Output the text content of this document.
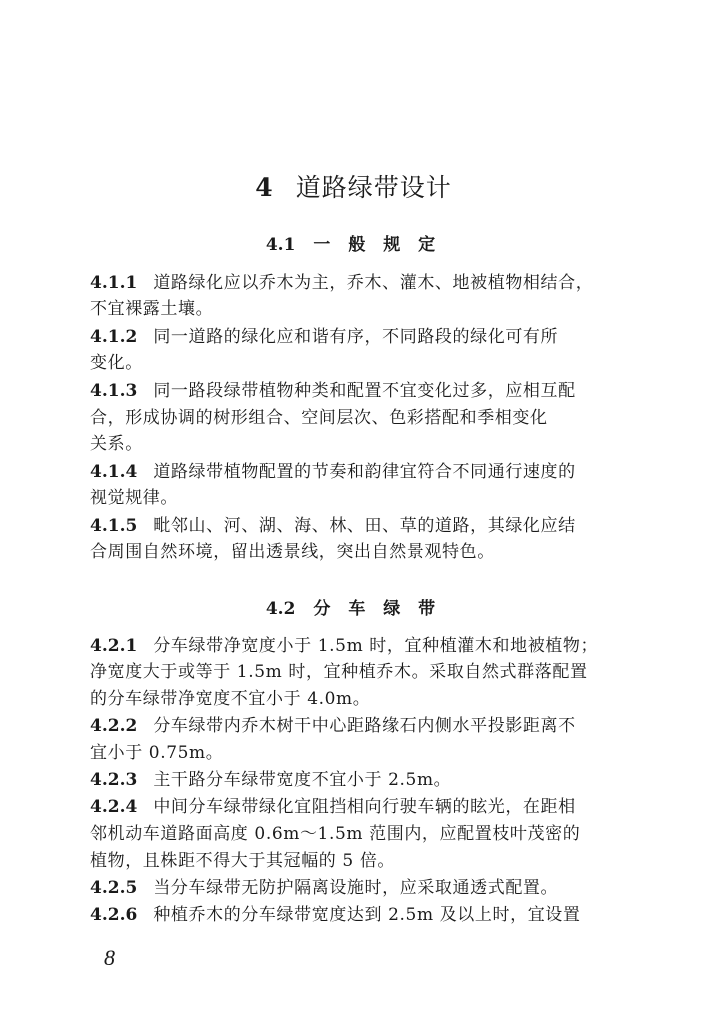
4 道路绿带设计
4.1 一 般 规 定
4.1.1 道路绿化应以乔木为主，乔木、灌木、地被植物相结合，
不宜裸露土壤。
4.1.2 同一道路的绿化应和谐有序，不同路段的绿化可有所
变化。
4.1.3 同一路段绿带植物种类和配置不宜变化过多，应相互配
合，形成协调的树形组合、空间层次、色彩搭配和季相变化
关系。
4.1.4 道路绿带植物配置的节奏和韵律宜符合不同通行速度的
视觉规律。
4.1.5 毗邻山、河、湖、海、林、田、草的道路，其绿化应结
合周围自然环境，留出透景线，突出自然景观特色。
4.2 分 车 绿 带
4.2.1 分车绿带净宽度小于 1.5m 时，宜种植灌木和地被植物；
净宽度大于或等于 1.5m 时，宜种植乔木。采取自然式群落配置
的分车绿带净宽度不宜小于 4.0m。
4.2.2 分车绿带内乔木树干中心距路缘石内侧水平投影距离不
宜小于 0.75m。
4.2.3 主干路分车绿带宽度不宜小于 2.5m。
4.2.4 中间分车绿带绿化宜阻挡相向行驶车辆的眩光，在距相
邻机动车道路面高度 0.6m～1.5m 范围内，应配置枝叶茂密的
植物，且株距不得大于其冠幅的 5 倍。
4.2.5 当分车绿带无防护隔离设施时，应采取通透式配置。
4.2.6 种植乔木的分车绿带宽度达到 2.5m 及以上时，宜设置
8
